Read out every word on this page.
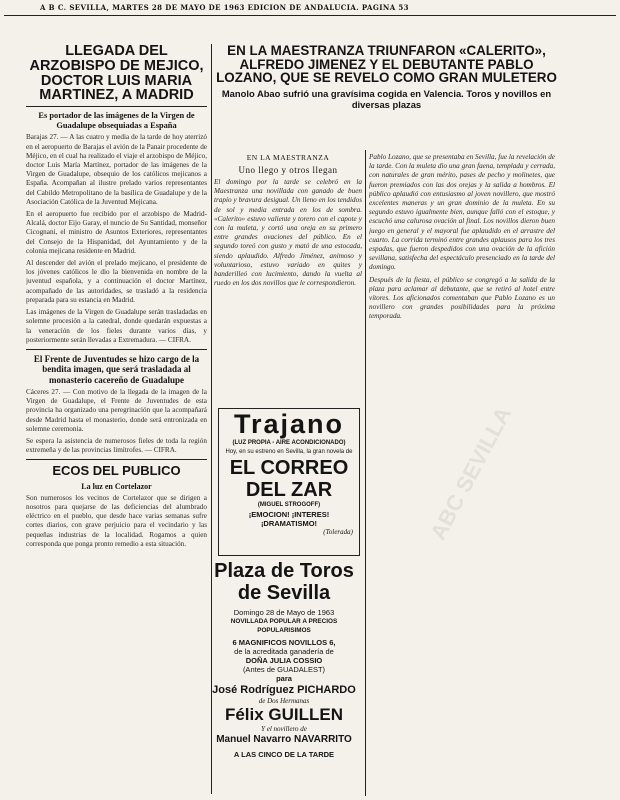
A B C. SEVILLA, MARTES 28 DE MAYO DE 1963 EDICION DE ANDALUCIA. PAGINA 53
LLEGADA DEL ARZOBISPO DE MEJICO, DOCTOR LUIS MARIA MARTINEZ, A MADRID

Es portador de las imágenes de la Virgen de Guadalupe obsequiadas a España

Barajas 27. — A las cuatro y media de la tarde de hoy aterrizó en el aeropuerto de Barajas el avión de la Panair procedente de Méjico, en el cual ha realizado el viaje el arzobispo de Méjico, doctor Luis María Martínez, portador de las imágenes de la Virgen de Guadalupe, obsequio de los católicos mejicanos a España. Acompañan al ilustre prelado varios representantes del Cabildo Metropolitano de la basílica de Guadalupe y de la Asociación Católica de la Juventud Mejicana.

En el aeropuerto fue recibido por el arzobispo de Madrid-Alcalá, doctor Eijo Garay, el nuncio de Su Santidad, monseñor Cicognani, el ministro de Asuntos Exteriores, representantes del Consejo de la Hispanidad, del Ayuntamiento y de la colonia mejicana residente en Madrid.

Al descender del avión el prelado mejicano, el presidente de los jóvenes católicos le dio la bienvenida en nombre de la juventud española, y a continuación el doctor Martínez, acompañado de las autoridades, se trasladó a la residencia preparada para su estancia en Madrid.

Las imágenes de la Virgen de Guadalupe serán trasladadas en solemne procesión a la catedral, donde quedarán expuestas a la veneración de los fieles durante varios días, y posteriormente serán llevadas a Extremadura. — CIFRA.

El Frente de Juventudes se hizo cargo de la bendita imagen, que será trasladada al monasterio cacereño de Guadalupe

Cáceres 27. — Con motivo de la llegada de la imagen de la Virgen de Guadalupe, el Frente de Juventudes de esta provincia ha organizado una peregrinación que la acompañará desde Madrid hasta el monasterio, donde será entronizada en solemne ceremonia.

Se espera la asistencia de numerosos fieles de toda la región extremeña y de las provincias limítrofes. — CIFRA.

ECOS DEL PUBLICO

La luz en Cortelazor

Son numerosos los vecinos de Cortelazor que se dirigen a nosotros para quejarse de las deficiencias del alumbrado eléctrico en el pueblo, que desde hace varias semanas sufre cortes diarios, con grave perjuicio para el vecindario y las pequeñas industrias de la localidad. Rogamos a quien corresponda que ponga pronto remedio a esta situación.

EN LA MAESTRANZA TRIUNFARON «CALERITO», ALFREDO JIMENEZ Y EL DEBUTANTE PABLO LOZANO, QUE SE REVELO COMO GRAN MULETERO

Manolo Abao sufrió una gravísima cogida en Valencia. Toros y novillos en diversas plazas

EN LA MAESTRANZA

Uno llego y otros llegan

El domingo por la tarde se celebró en la Maestranza una novillada con ganado de buen trapío y bravura desigual. Un lleno en los tendidos de sol y media entrada en los de sombra. «Calerito» estuvo valiente y torero con el capote y con la muleta, y cortó una oreja en su primero entre grandes ovaciones del público. En el segundo toreó con gusto y mató de una estocada, siendo aplaudido. Alfredo Jiménez, animoso y voluntarioso, estuvo variado en quites y banderilleó con lucimiento, dando la vuelta al ruedo en los dos novillos que le correspondieron.

Pablo Lozano, que se presentaba en Sevilla, fue la revelación de la tarde. Con la muleta dio una gran faena, templada y cerrada, con naturales de gran mérito, pases de pecho y molinetes, que fueron premiados con las dos orejas y la salida a hombros. El público aplaudió con entusiasmo al joven novillero, que mostró excelentes maneras y un gran dominio de la muleta. En su segundo estuvo igualmente bien, aunque falló con el estoque, y escuchó una calurosa ovación al final. Los novillos dieron buen juego en general y el mayoral fue aplaudido en el arrastre del cuarto. La corrida terminó entre grandes aplausos para los tres espadas, que fueron despedidos con una ovación de la afición sevillana, satisfecha del espectáculo presenciado en la tarde del domingo.

Después de la fiesta, el público se congregó a la salida de la plaza para aclamar al debutante, que se retiró al hotel entre vítores. Los aficionados comentaban que Pablo Lozano es un novillero con grandes posibilidades para la próxima temporada.

Trajano
(LUZ PROPIA - AIRE ACONDICIONADO)
Hoy, en su estreno en Sevilla, la gran novela de
EL CORREO
DEL ZAR
(MIGUEL STROGOFF)
¡EMOCION! ¡INTERES!
¡DRAMATISMO!
(Tolerada)
Plaza de Toros
de Sevilla
Domingo 28 de Mayo de 1963
NOVILLADA POPULAR A PRECIOS POPULARISIMOS
6 MAGNIFICOS NOVILLOS 6,
de la acreditada ganadería de
DOÑA JULIA COSSIO
(Antes de GUADALEST)
para
José Rodríguez PICHARDO
de Dos Hermanas
Félix GUILLEN
Y el novillero de
Manuel Navarro NAVARRITO
A LAS CINCO DE LA TARDE
ABC SEVILLA
